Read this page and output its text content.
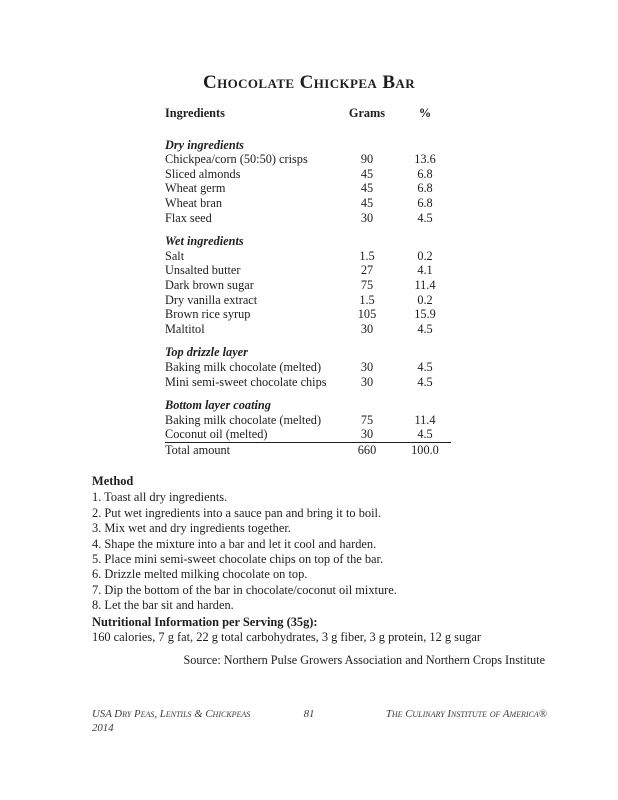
Chocolate Chickpea Bar
Ingredients	Grams	%
Dry ingredients
Chickpea/corn (50:50) crisps	90	13.6
Sliced almonds	45	6.8
Wheat germ	45	6.8
Wheat bran	45	6.8
Flax seed	30	4.5
Wet ingredients
Salt	1.5	0.2
Unsalted butter	27	4.1
Dark brown sugar	75	11.4
Dry vanilla extract	1.5	0.2
Brown rice syrup	105	15.9
Maltitol	30	4.5
Top drizzle layer
Baking milk chocolate (melted)	30	4.5
Mini semi-sweet chocolate chips	30	4.5
Bottom layer coating
Baking milk chocolate (melted)	75	11.4
Coconut oil (melted)	30	4.5
Total amount	660	100.0
Method
1. Toast all dry ingredients.
2. Put wet ingredients into a sauce pan and bring it to boil.
3. Mix wet and dry ingredients together.
4. Shape the mixture into a bar and let it cool and harden.
5. Place mini semi-sweet chocolate chips on top of the bar.
6. Drizzle melted milking chocolate on top.
7. Dip the bottom of the bar in chocolate/coconut oil mixture.
8. Let the bar sit and harden.
Nutritional Information per Serving (35g):
160 calories, 7 g fat, 22 g total carbohydrates, 3 g fiber, 3 g protein, 12 g sugar
Source: Northern Pulse Growers Association and Northern Crops Institute
USA Dry Peas, Lentils & Chickpeas
2014
81	The Culinary Institute of America®
